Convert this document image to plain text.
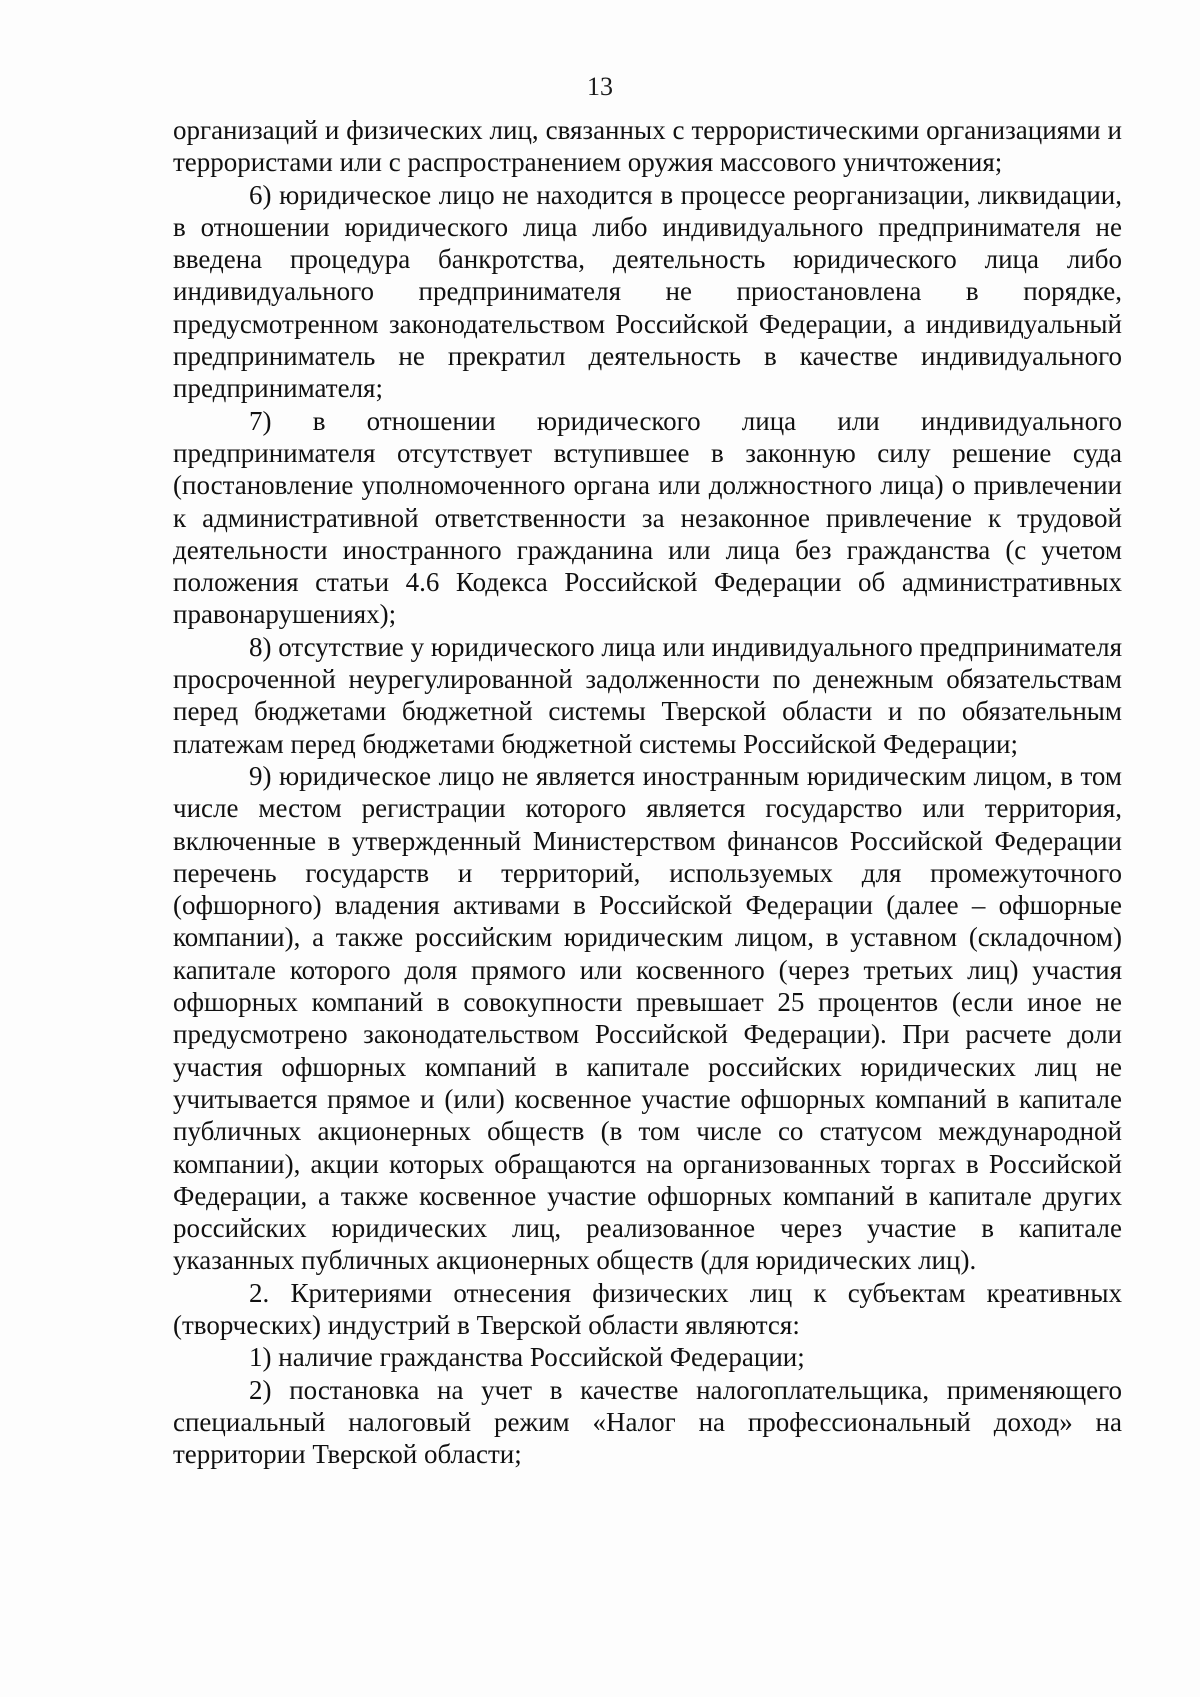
13

организаций и физических лиц, связанных с террористическими организациями и террористами или с распространением оружия массового уничтожения;

6) юридическое лицо не находится в процессе реорганизации, ликвидации, в отношении юридического лица либо индивидуального предпринимателя не введена процедура банкротства, деятельность юридического лица либо индивидуального предпринимателя не приостановлена в порядке, предусмотренном законодательством Российской Федерации, а индивидуальный предприниматель не прекратил деятельность в качестве индивидуального предпринимателя;

7) в отношении юридического лица или индивидуального предпринимателя отсутствует вступившее в законную силу решение суда (постановление уполномоченного органа или должностного лица) о привлечении к административной ответственности за незаконное привлечение к трудовой деятельности иностранного гражданина или лица без гражданства (с учетом положения статьи 4.6 Кодекса Российской Федерации об административных правонарушениях);

8) отсутствие у юридического лица или индивидуального предпринимателя просроченной неурегулированной задолженности по денежным обязательствам перед бюджетами бюджетной системы Тверской области и по обязательным платежам перед бюджетами бюджетной системы Российской Федерации;

9) юридическое лицо не является иностранным юридическим лицом, в том числе местом регистрации которого является государство или территория, включенные в утвержденный Министерством финансов Российской Федерации перечень государств и территорий, используемых для промежуточного (офшорного) владения активами в Российской Федерации (далее – офшорные компании), а также российским юридическим лицом, в уставном (складочном) капитале которого доля прямого или косвенного (через третьих лиц) участия офшорных компаний в совокупности превышает 25 процентов (если иное не предусмотрено законодательством Российской Федерации). При расчете доли участия офшорных компаний в капитале российских юридических лиц не учитывается прямое и (или) косвенное участие офшорных компаний в капитале публичных акционерных обществ (в том числе со статусом международной компании), акции которых обращаются на организованных торгах в Российской Федерации, а также косвенное участие офшорных компаний в капитале других российских юридических лиц, реализованное через участие в капитале указанных публичных акционерных обществ (для юридических лиц).

2. Критериями отнесения физических лиц к субъектам креативных (творческих) индустрий в Тверской области являются:

1) наличие гражданства Российской Федерации;

2) постановка на учет в качестве налогоплательщика, применяющего специальный налоговый режим «Налог на профессиональный доход» на территории Тверской области;
